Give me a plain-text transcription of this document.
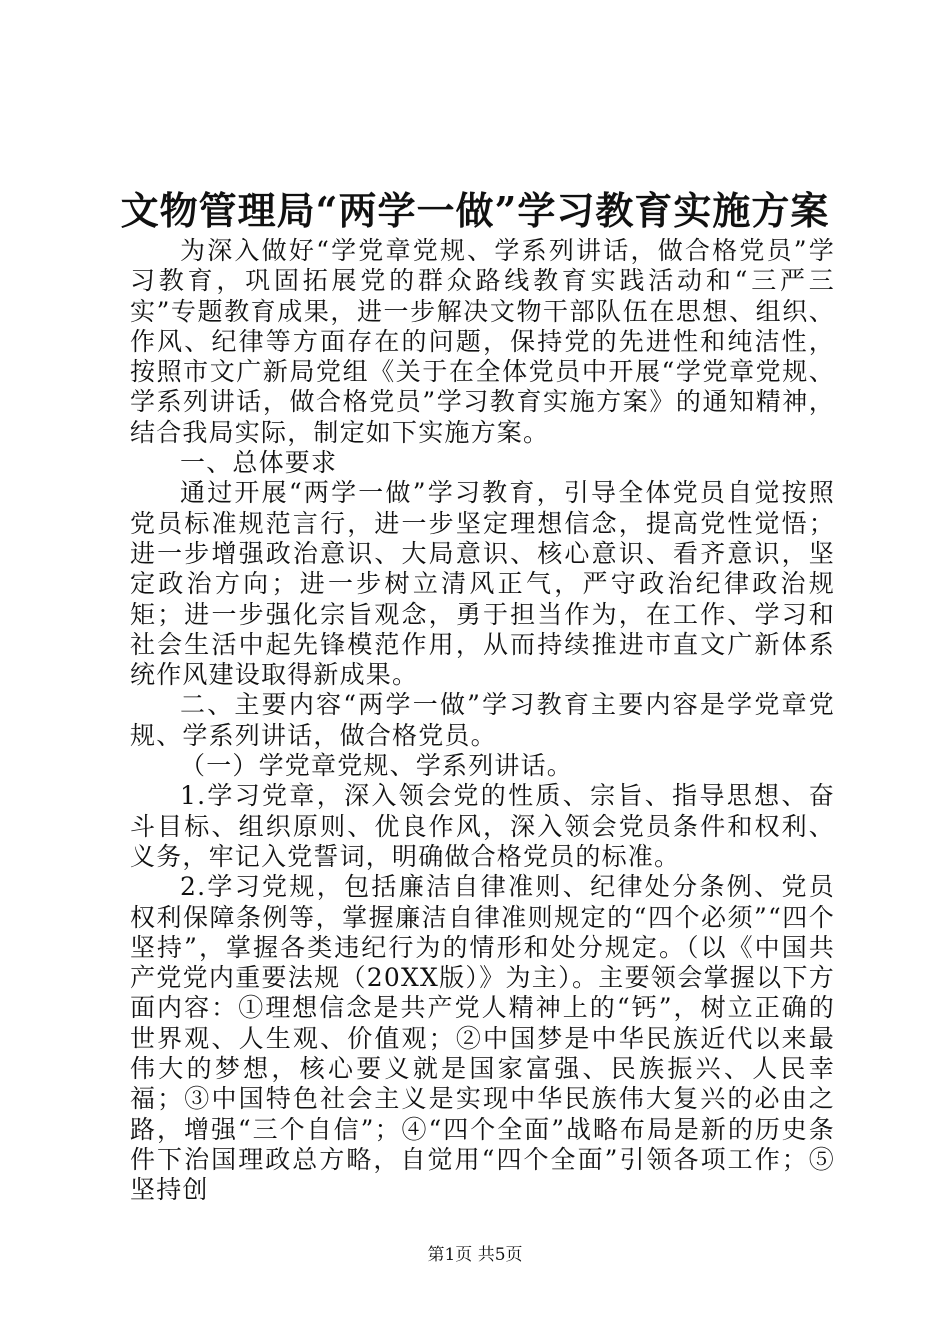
文物管理局“两学一做”学习教育实施方案

为深入做好“学党章党规、学系列讲话，做合格党员”学习教育，巩固拓展党的群众路线教育实践活动和“三严三实”专题教育成果，进一步解决文物干部队伍在思想、组织、作风、纪律等方面存在的问题，保持党的先进性和纯洁性，按照市文广新局党组《关于在全体党员中开展“学党章党规、学系列讲话，做合格党员”学习教育实施方案》的通知精神，结合我局实际，制定如下实施方案。

一、总体要求

通过开展“两学一做”学习教育，引导全体党员自觉按照党员标准规范言行，进一步坚定理想信念，提高党性觉悟；进一步增强政治意识、大局意识、核心意识、看齐意识，坚定政治方向；进一步树立清风正气，严守政治纪律政治规矩；进一步强化宗旨观念，勇于担当作为，在工作、学习和社会生活中起先锋模范作用，从而持续推进市直文广新体系统作风建设取得新成果。

二、主要内容“两学一做”学习教育主要内容是学党章党规、学系列讲话，做合格党员。

（一）学党章党规、学系列讲话。

1.学习党章，深入领会党的性质、宗旨、指导思想、奋斗目标、组织原则、优良作风，深入领会党员条件和权利、义务，牢记入党誓词，明确做合格党员的标准。

2.学习党规，包括廉洁自律准则、纪律处分条例、党员权利保障条例等，掌握廉洁自律准则规定的“四个必须”“四个坚持”，掌握各类违纪行为的情形和处分规定。（以《中国共产党党内重要法规（20XX版）》为主）。主要领会掌握以下方面内容：①理想信念是共产党人精神上的“钙”，树立正确的世界观、人生观、价值观；②中国梦是中华民族近代以来最伟大的梦想，核心要义就是国家富强、民族振兴、人民幸福；③中国特色社会主义是实现中华民族伟大复兴的必由之路，增强“三个自信”；④“四个全面”战略布局是新的历史条件下治国理政总方略，自觉用“四个全面”引领各项工作；⑤坚持创

第1页 共5页
